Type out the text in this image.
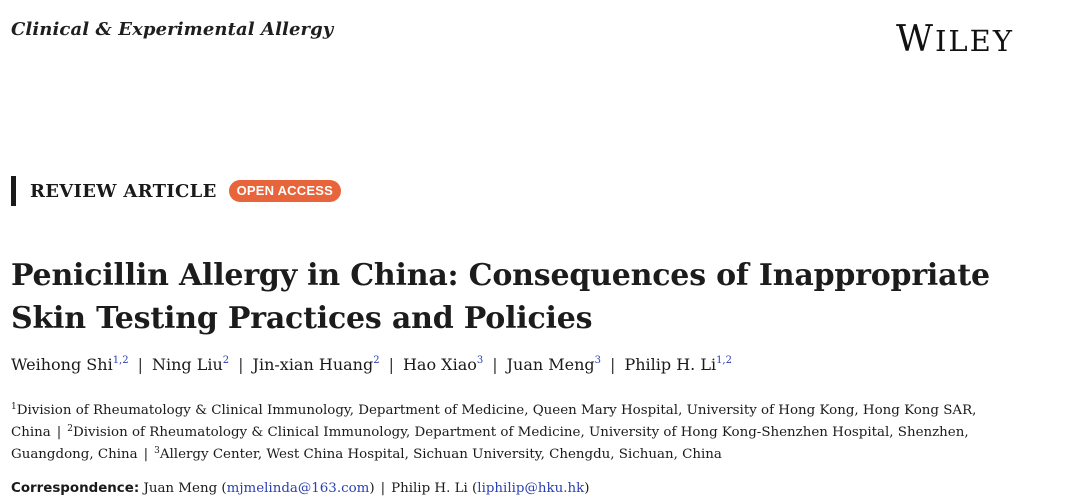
Clinical & Experimental Allergy	WILEY
REVIEW ARTICLE	OPEN ACCESS
Penicillin Allergy in China: Consequences of Inappropriate
Skin Testing Practices and Policies
Weihong Shi$^{1,2}$ | Ning Liu$^2$ | Jin-xian Huang$^2$ | Hao Xiao$^3$ | Juan Meng$^3$ | Philip H. Li$^{1,2}$
$^1$Division of Rheumatology & Clinical Immunology, Department of Medicine, Queen Mary Hospital, University of Hong Kong, Hong Kong SAR, China | $^2$Division of Rheumatology & Clinical Immunology, Department of Medicine, University of Hong Kong-Shenzhen Hospital, Shenzhen, Guangdong, China | $^3$Allergy Center, West China Hospital, Sichuan University, Chengdu, Sichuan, China
Correspondence: Juan Meng (mjmelinda@163.com) | Philip H. Li (liphilip@hku.hk)
